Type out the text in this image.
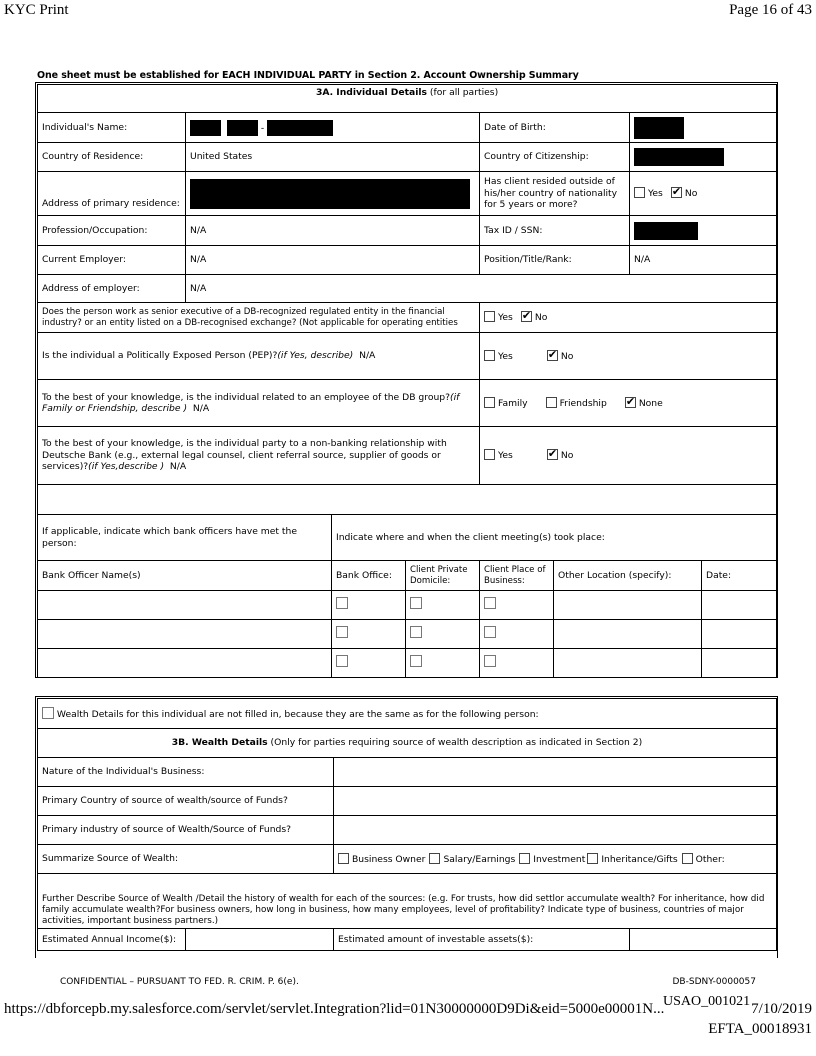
KYC Print	Page 16 of 43
One sheet must be established for EACH INDIVIDUAL PARTY in Section 2. Account Ownership Summary
3A. Individual Details (for all parties)							
Individual's Name:	-			Date of Birth:			
Country of Residence:	United States			Country of Citizenship:			
Address of primary residence:				Has client resided outside of his/her country of nationality for 5 years or more?		Yes ✔ No
Profession/Occupation:	N/A			Tax ID / SSN:			
Current Employer:	N/A			Position/Title/Rank:		N/A	
Address of employer:	N/A						
Does the person work as senior executive of a DB-recognized regulated entity in the financial industry? or an entity listed on a DB-recognised exchange? (Not applicable for operating entities				Yes ✔ No
Is the individual a Politically Exposed Person (PEP)?(if Yes, describe) N/A				Yes ✔ No
To the best of your knowledge, is the individual related to an employee of the DB group?(if Family or Friendship, describe ) N/A				Family Friendship ✔ None
To the best of your knowledge, is the individual party to a non-banking relationship with Deutsche Bank (e.g., external legal counsel, client referral source, supplier of goods or services)?(if Yes,describe ) N/A				Yes ✔ No

If applicable, indicate which bank officers have met the person:		Indicate where and when the client meeting(s) took place:					
Bank Officer Name(s)		Bank Office:	Client Private Domicile:	Client Place of Business:	Other Location (specify):		Date:

Wealth Details for this individual are not filled in, because they are the same as for the following person:			
3B. Wealth Details (Only for parties requiring source of wealth description as indicated in Section 2)			
Nature of the Individual's Business:			
Primary Country of source of wealth/source of Funds?			
Primary industry of source of Wealth/Source of Funds?			
Summarize Source of Wealth:		Business Owner Salary/Earnings Investment Inheritance/Gifts Other:	
Further Describe Source of Wealth /Detail the history of wealth for each of the sources: (e.g. For trusts, how did settlor accumulate wealth? For inheritance, how did family accumulate wealth?For business owners, how long in business, how many employees, level of profitability? Indicate type of business, countries of major activities, important business partners.)			
Estimated Annual Income($):		Estimated amount of investable assets($):	
CONFIDENTIAL – PURSUANT TO FED. R. CRIM. P. 6(e).	DB-SDNY-0000057
https://dbforcepb.my.salesforce.com/servlet/servlet.Integration?lid=01N30000000D9Di&eid=5000e00001N...
USAO_001021 7/10/2019
EFTA_00018931
